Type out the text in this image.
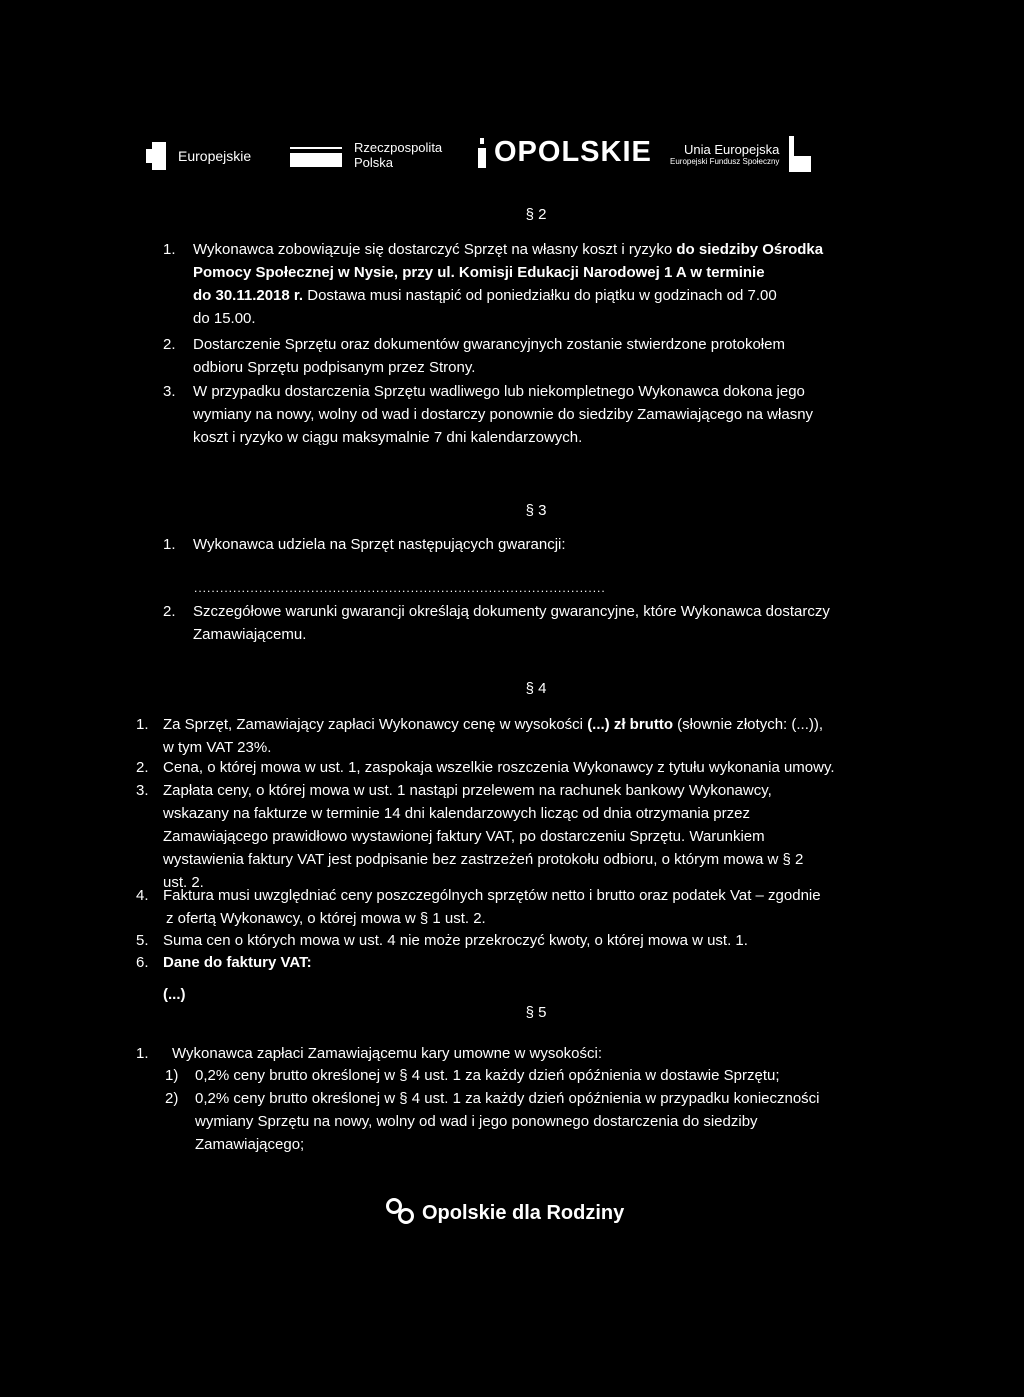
Europejskie
Rzeczpospolita
Polska	OPOLSKIE	Unia Europejska
Europejski Fundusz Społeczny
§ 2
1. Wykonawca zobowiązuje się dostarczyć Sprzęt na własny koszt i ryzyko do siedziby Ośrodka
Pomocy Społecznej w Nysie, przy ul. Komisji Edukacji Narodowej 1 A w terminie
do 30.11.2018 r. Dostawa musi nastąpić od poniedziałku do piątku w godzinach od 7.00
do 15.00.
2. Dostarczenie Sprzętu oraz dokumentów gwarancyjnych zostanie stwierdzone protokołem
odbioru Sprzętu podpisanym przez Strony.
3. W przypadku dostarczenia Sprzętu wadliwego lub niekompletnego Wykonawca dokona jego
wymiany na nowy, wolny od wad i dostarczy ponownie do siedziby Zamawiającego na własny
koszt i ryzyko w ciągu maksymalnie 7 dni kalendarzowych.
§ 3
1. Wykonawca udziela na Sprzęt następujących gwarancji:
...............................................................................................
2. Szczegółowe warunki gwarancji określają dokumenty gwarancyjne, które Wykonawca dostarczy
Zamawiającemu.
§ 4
1. Za Sprzęt, Zamawiający zapłaci Wykonawcy cenę w wysokości (...) zł brutto (słownie złotych: (...)),
w tym VAT 23%.
2. Cena, o której mowa w ust. 1, zaspokaja wszelkie roszczenia Wykonawcy z tytułu wykonania umowy.
3. Zapłata ceny, o której mowa w ust. 1 nastąpi przelewem na rachunek bankowy Wykonawcy,
wskazany na fakturze w terminie 14 dni kalendarzowych licząc od dnia otrzymania przez
Zamawiającego prawidłowo wystawionej faktury VAT, po dostarczeniu Sprzętu. Warunkiem
wystawienia faktury VAT jest podpisanie bez zastrzeżeń protokołu odbioru, o którym mowa w § 2
ust. 2.
4. Faktura musi uwzględniać ceny poszczególnych sprzętów netto i brutto oraz podatek Vat – zgodnie
z ofertą Wykonawcy, o której mowa w § 1 ust. 2.
5. Suma cen o których mowa w ust. 4 nie może przekroczyć kwoty, o której mowa w ust. 1.
6. Dane do faktury VAT:
(...)
§ 5
1. Wykonawca zapłaci Zamawiającemu kary umowne w wysokości:
1) 0,2% ceny brutto określonej w § 4 ust. 1 za każdy dzień opóźnienia w dostawie Sprzętu;
2) 0,2% ceny brutto określonej w § 4 ust. 1 za każdy dzień opóźnienia w przypadku konieczności
wymiany Sprzętu na nowy, wolny od wad i jego ponownego dostarczenia do siedziby
Zamawiającego;
Opolskie dla Rodziny
